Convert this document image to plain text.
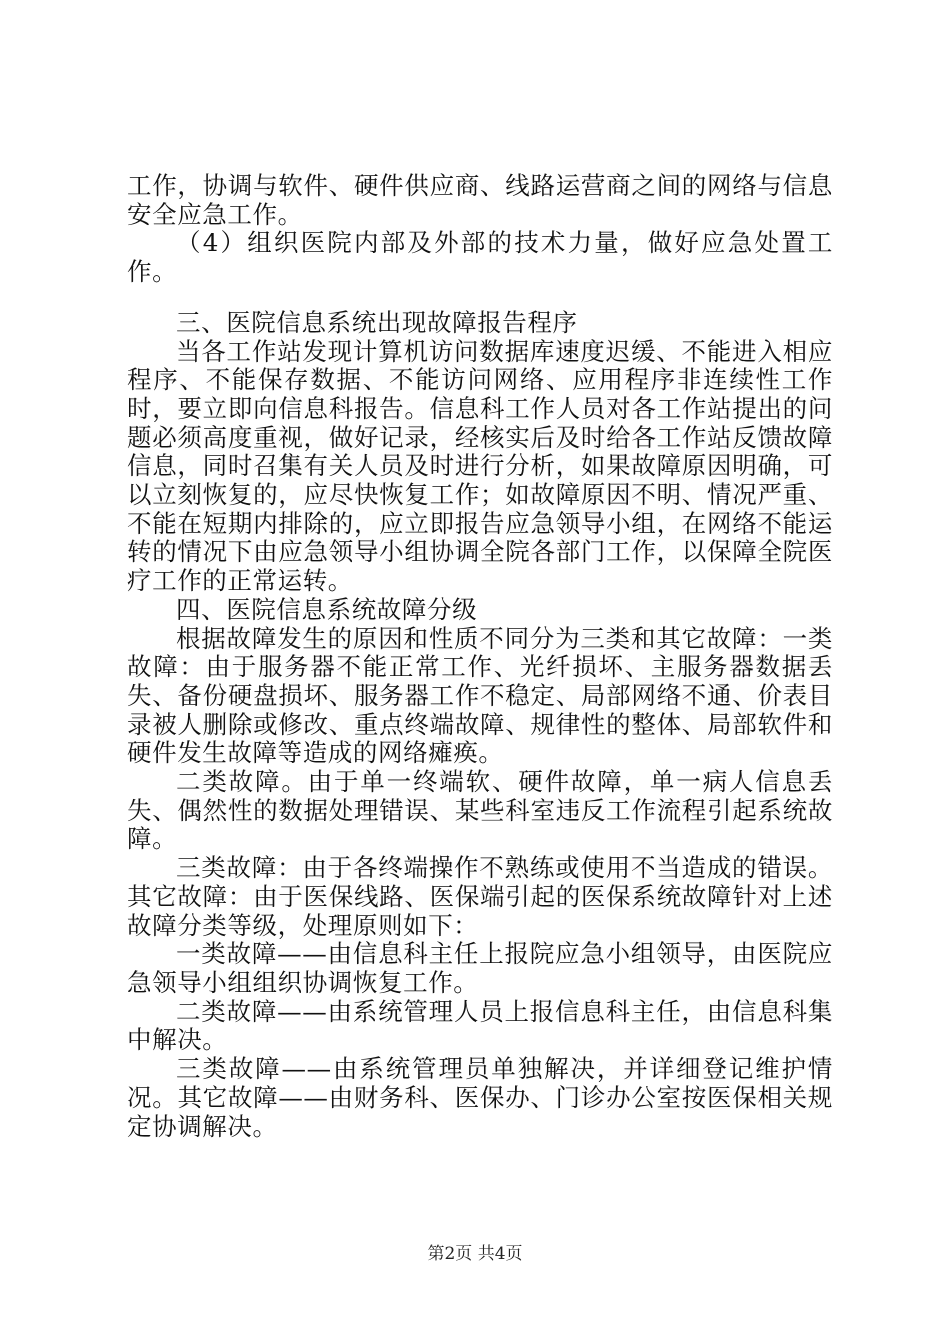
工作，协调与软件、硬件供应商、线路运营商之间的网络与信息安全应急工作。

（4）组织医院内部及外部的技术力量，做好应急处置工作。

三、医院信息系统出现故障报告程序

当各工作站发现计算机访问数据库速度迟缓、不能进入相应程序、不能保存数据、不能访问网络、应用程序非连续性工作时，要立即向信息科报告。信息科工作人员对各工作站提出的问题必须高度重视，做好记录，经核实后及时给各工作站反馈故障信息，同时召集有关人员及时进行分析，如果故障原因明确，可以立刻恢复的，应尽快恢复工作；如故障原因不明、情况严重、不能在短期内排除的，应立即报告应急领导小组，在网络不能运转的情况下由应急领导小组协调全院各部门工作，以保障全院医疗工作的正常运转。

四、医院信息系统故障分级

根据故障发生的原因和性质不同分为三类和其它故障：一类故障：由于服务器不能正常工作、光纤损坏、主服务器数据丢失、备份硬盘损坏、服务器工作不稳定、局部网络不通、价表目录被人删除或修改、重点终端故障、规律性的整体、局部软件和硬件发生故障等造成的网络瘫痪。

二类故障。由于单一终端软、硬件故障，单一病人信息丢失、偶然性的数据处理错误、某些科室违反工作流程引起系统故障。

三类故障：由于各终端操作不熟练或使用不当造成的错误。其它故障：由于医保线路、医保端引起的医保系统故障针对上述故障分类等级，处理原则如下：

一类故障——由信息科主任上报院应急小组领导，由医院应急领导小组组织协调恢复工作。

二类故障——由系统管理人员上报信息科主任，由信息科集中解决。

三类故障——由系统管理员单独解决，并详细登记维护情况。其它故障——由财务科、医保办、门诊办公室按医保相关规定协调解决。

第2页 共4页
